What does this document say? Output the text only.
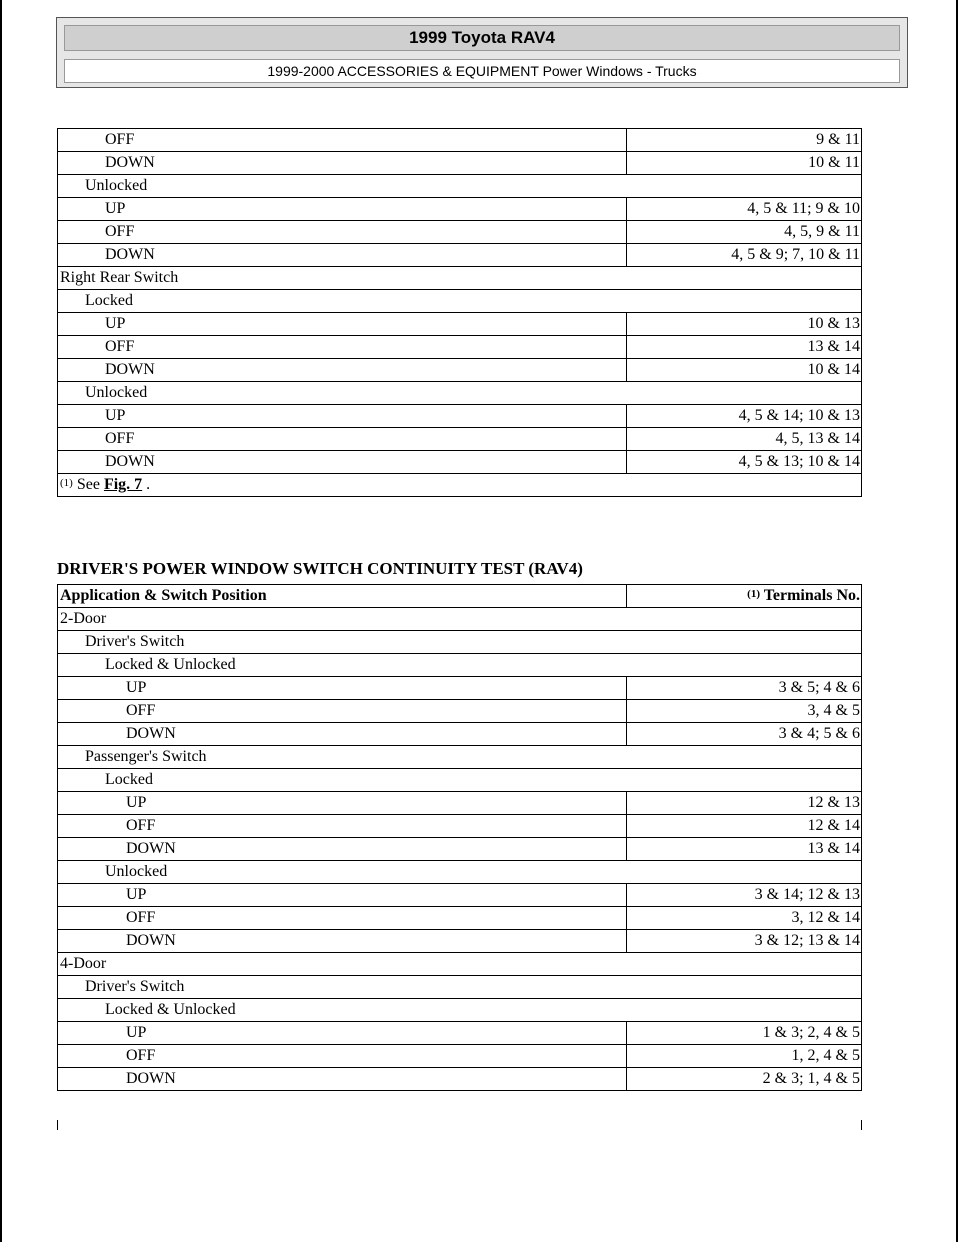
1999 Toyota RAV4
1999-2000 ACCESSORIES & EQUIPMENT Power Windows - Trucks
OFF	9 & 11
DOWN	10 & 11
Unlocked	
UP	4, 5 & 11; 9 & 10
OFF	4, 5, 9 & 11
DOWN	4, 5 & 9; 7, 10 & 11
Right Rear Switch	
Locked	
UP	10 & 13
OFF	13 & 14
DOWN	10 & 14
Unlocked	
UP	4, 5 & 14; 10 & 13
OFF	4, 5, 13 & 14
DOWN	4, 5 & 13; 10 & 14
$^{(1)}$ See Fig. 7 .	
DRIVER'S POWER WINDOW SWITCH CONTINUITY TEST (RAV4)
Application & Switch Position	$^{(1)}$ Terminals No.
2-Door	
Driver's Switch	
Locked & Unlocked	
UP	3 & 5; 4 & 6
OFF	3, 4 & 5
DOWN	3 & 4; 5 & 6
Passenger's Switch	
Locked	
UP	12 & 13
OFF	12 & 14
DOWN	13 & 14
Unlocked	
UP	3 & 14; 12 & 13
OFF	3, 12 & 14
DOWN	3 & 12; 13 & 14
4-Door	
Driver's Switch	
Locked & Unlocked	
UP	1 & 3; 2, 4 & 5
OFF	1, 2, 4 & 5
DOWN	2 & 3; 1, 4 & 5
